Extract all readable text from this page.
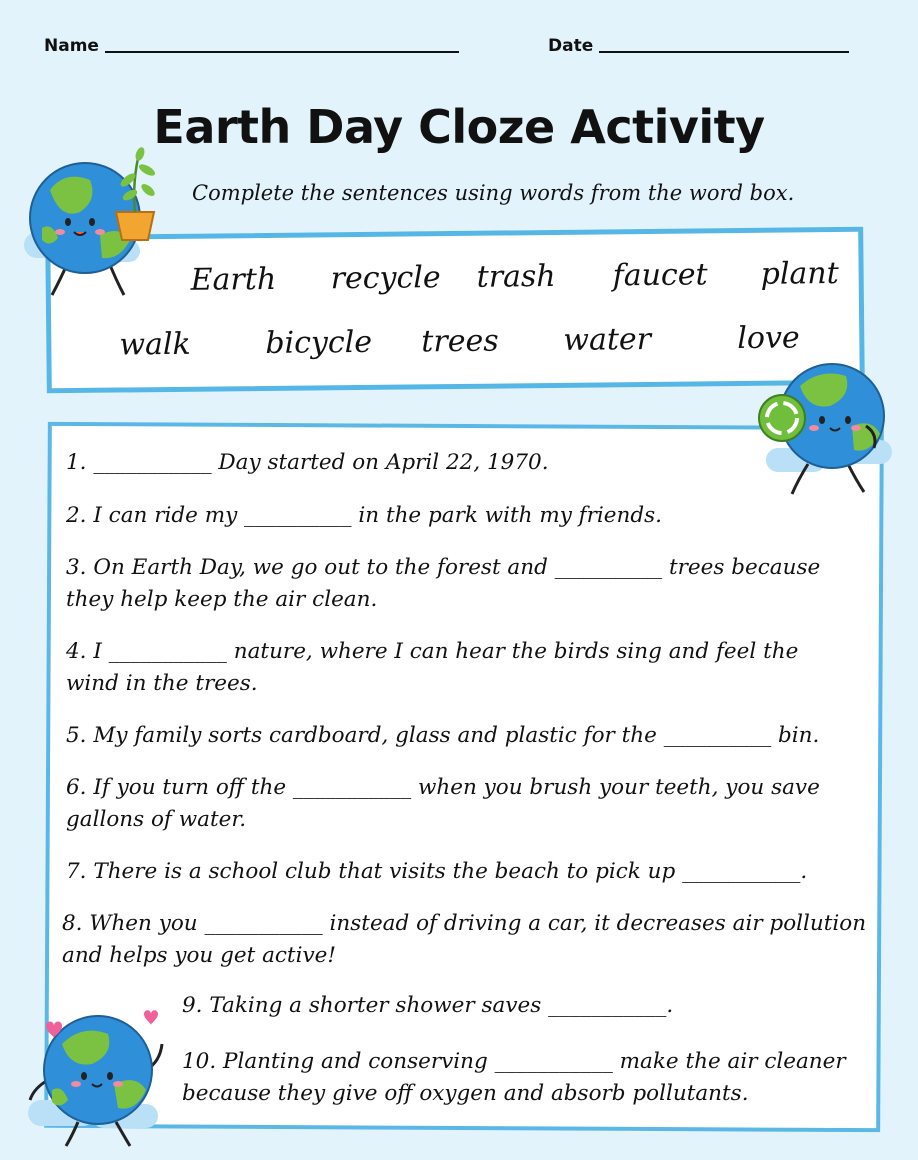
Name	Date
Earth Day Cloze Activity
Complete the sentences using words from the word box.
Earth recycle trash faucet plant
walk bicycle trees water	love
1. ___________ Day started on April 22, 1970.
2. I can ride my __________ in the park with my friends.
3. On Earth Day, we go out to the forest and __________ trees because they help keep the air clean.
4. I ___________ nature, where I can hear the birds sing and feel the wind in the trees.
5. My family sorts cardboard, glass and plastic for the __________ bin.
6. If you turn off the ___________ when you brush your teeth, you save gallons of water.
7. There is a school club that visits the beach to pick up ___________.
8. When you ___________ instead of driving a car, it decreases air pollution and helps you get active!
9. Taking a shorter shower saves ___________.
10. Planting and conserving ___________ make the air cleaner because they give off oxygen and absorb pollutants.
